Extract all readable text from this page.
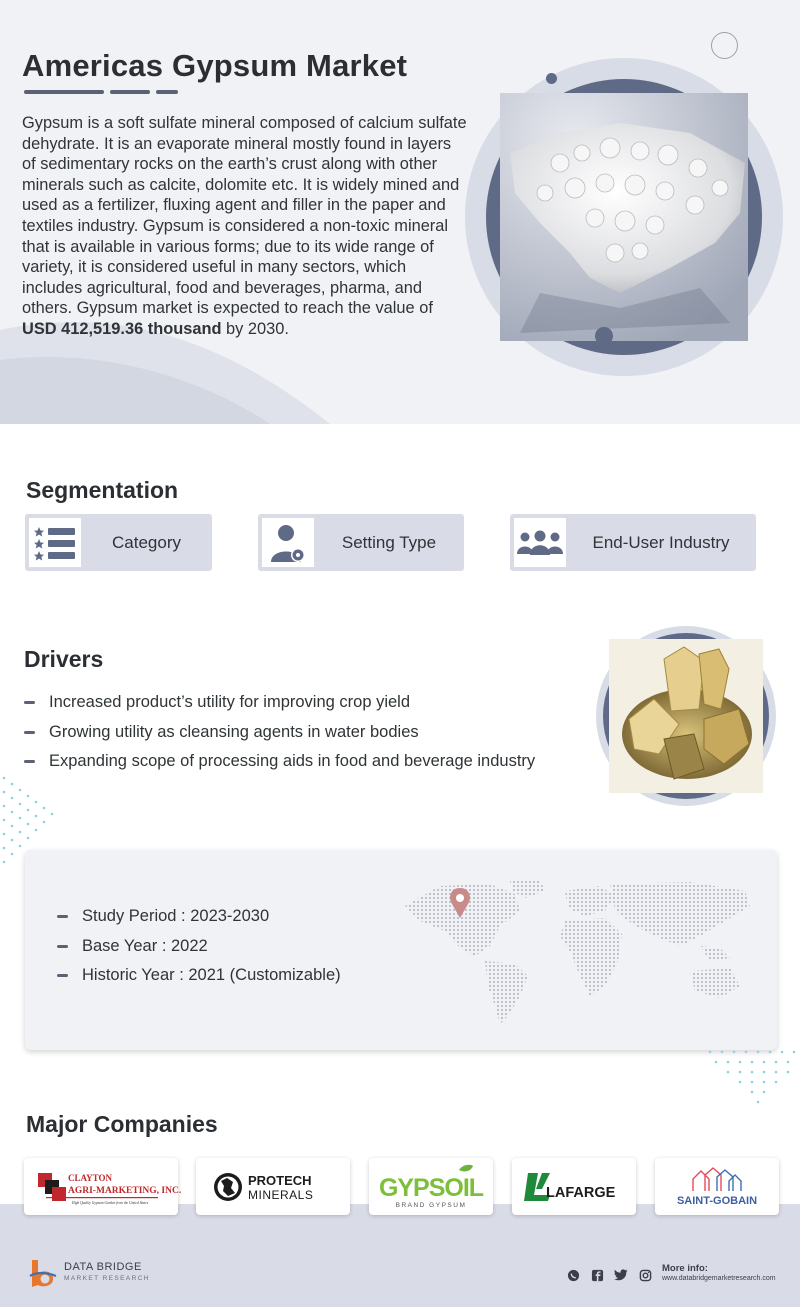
Americas Gypsum Market
Gypsum is a soft sulfate mineral composed of calcium sulfate dehydrate. It is an evaporate mineral mostly found in layers of sedimentary rocks on the earth’s crust along with other minerals such as calcite, dolomite etc. It is widely mined and used as a fertilizer, fluxing agent and filler in the paper and textiles industry. Gypsum is considered a non-toxic mineral that is available in various forms; due to its wide range of variety, it is considered useful in many sectors, which includes agricultural, food and beverages, pharma, and others. Gypsum market is expected to reach the value of USD 412,519.36 thousand by 2030.
Segmentation
Category	Setting Type	End-User Industry
Drivers
Increased product’s utility for improving crop yield
Growing utility as cleansing agents in water bodies
Expanding scope of processing aids in food and beverage industry
Study Period : 2023-2030
Base Year : 2022
Historic Year : 2021 (Customizable)
Major Companies
CLAYTON
AGRI-MARKETING, INC.
High Quality Gypsum Garden from the United States
PROTECH
MINERALS	GYPSOIL
BRAND GYPSUM
LAFARGE	SAINT-GOBAIN
DATA BRIDGE
MARKET RESEARCH
More info:
www.databridgemarketresearch.com
